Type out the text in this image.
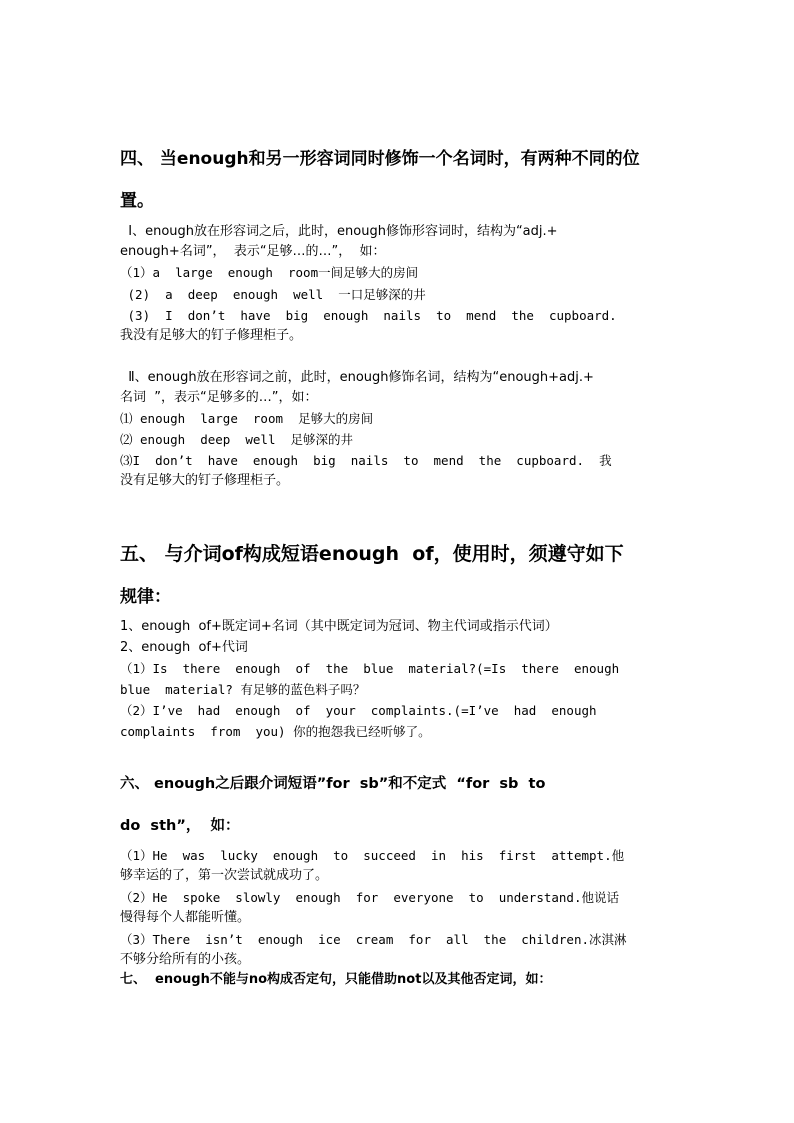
四、 当enough和另一形容词同时修饰一个名词时，有两种不同的位
置。
Ⅰ、enough放在形容词之后，此时，enough修饰形容词时，结构为“adj.+
enough+名词”，  表示“足够…的…”，  如：
（1）a  large  enough  room一间足够大的房间
(2)  a  deep  enough  well  一口足够深的井
(3)  I  don’t  have  big  enough  nails  to  mend  the  cupboard.
我没有足够大的钉子修理柜子。
Ⅱ、enough放在形容词之前，此时，enough修饰名词，结构为“enough+adj.+
名词  ”，表示“足够多的…”，如：
⑴ enough  large  room  足够大的房间
⑵ enough  deep  well  足够深的井
⑶I  don’t  have  enough  big  nails  to  mend  the  cupboard.  我
没有足够大的钉子修理柜子。
五、 与介词of构成短语enough  of，使用时，须遵守如下
规律：
1、enough  of+既定词+名词（其中既定词为冠词、物主代词或指示代词）
2、enough  of+代词
（1）Is  there  enough  of  the  blue  material?(=Is  there  enough
blue  material? 有足够的蓝色料子吗？
（2）I’ve  had  enough  of  your  complaints.(=I’ve  had  enough
complaints  from  you) 你的抱怨我已经听够了。
六、 enough之后跟介词短语”for  sb”和不定式  “for  sb  to
do  sth”，  如：
（1）He  was  lucky  enough  to  succeed  in  his  first  attempt.他
够幸运的了，第一次尝试就成功了。
（2）He  spoke  slowly  enough  for  everyone  to  understand.他说话
慢得每个人都能听懂。
（3）There  isn’t  enough  ice  cream  for  all  the  children.冰淇淋
不够分给所有的小孩。
七、  enough不能与no构成否定句，只能借助not以及其他否定词，如：
